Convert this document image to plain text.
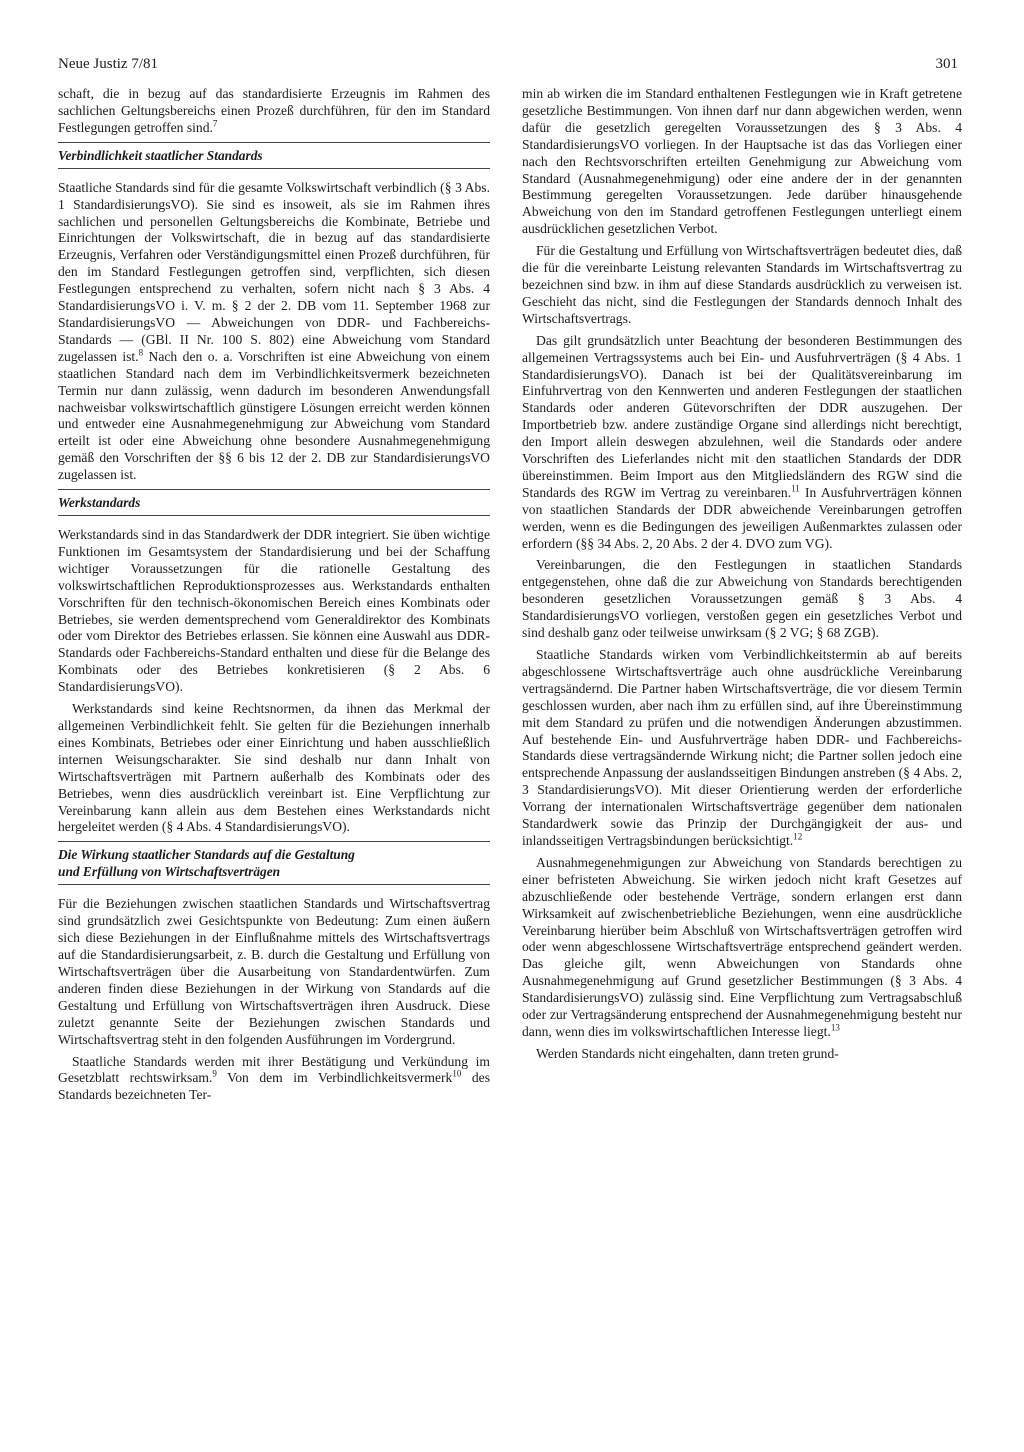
Neue Justiz 7/81	301

schaft, die in bezug auf das standardisierte Erzeugnis im Rahmen des sachlichen Geltungsbereichs einen Prozeß durchführen, für den im Standard Festlegungen getroffen sind.$^7$

Verbindlichkeit staatlicher Standards

Staatliche Standards sind für die gesamte Volkswirtschaft verbindlich (§ 3 Abs. 1 StandardisierungsVO). Sie sind es insoweit, als sie im Rahmen ihres sachlichen und personellen Geltungsbereichs die Kombinate, Betriebe und Einrichtungen der Volkswirtschaft, die in bezug auf das standardisierte Erzeugnis, Verfahren oder Verständigungsmittel einen Prozeß durchführen, für den im Standard Festlegungen getroffen sind, verpflichten, sich diesen Festlegungen entsprechend zu verhalten, sofern nicht nach § 3 Abs. 4 StandardisierungsVO i. V. m. § 2 der 2. DB vom 11. September 1968 zur StandardisierungsVO — Abweichungen von DDR- und Fachbereichs-Standards — (GBl. II Nr. 100 S. 802) eine Abweichung vom Standard zugelassen ist.$^8$ Nach den o. a. Vorschriften ist eine Abweichung von einem staatlichen Standard nach dem im Verbindlichkeitsvermerk bezeichneten Termin nur dann zulässig, wenn dadurch im besonderen Anwendungsfall nachweisbar volkswirtschaftlich günstigere Lösungen erreicht werden können und entweder eine Ausnahmegenehmigung zur Abweichung vom Standard erteilt ist oder eine Abweichung ohne besondere Ausnahmegenehmigung gemäß den Vorschriften der §§ 6 bis 12 der 2. DB zur StandardisierungsVO zugelassen ist.

Werkstandards

Werkstandards sind in das Standardwerk der DDR integriert. Sie üben wichtige Funktionen im Gesamtsystem der Standardisierung und bei der Schaffung wichtiger Voraussetzungen für die rationelle Gestaltung des volkswirtschaftlichen Reproduktionsprozesses aus. Werkstandards enthalten Vorschriften für den technisch-ökonomischen Bereich eines Kombinats oder Betriebes, sie werden dementsprechend vom Generaldirektor des Kombinats oder vom Direktor des Betriebes erlassen. Sie können eine Auswahl aus DDR-Standards oder Fachbereichs-Standard enthalten und diese für die Belange des Kombinats oder des Betriebes konkretisieren (§ 2 Abs. 6 StandardisierungsVO).

Werkstandards sind keine Rechtsnormen, da ihnen das Merkmal der allgemeinen Verbindlichkeit fehlt. Sie gelten für die Beziehungen innerhalb eines Kombinats, Betriebes oder einer Einrichtung und haben ausschließlich internen Weisungscharakter. Sie sind deshalb nur dann Inhalt von Wirtschaftsverträgen mit Partnern außerhalb des Kombinats oder des Betriebes, wenn dies ausdrücklich vereinbart ist. Eine Verpflichtung zur Vereinbarung kann allein aus dem Bestehen eines Werkstandards nicht hergeleitet werden (§ 4 Abs. 4 StandardisierungsVO).

Die Wirkung staatlicher Standards auf die Gestaltung
und Erfüllung von Wirtschaftsverträgen

Für die Beziehungen zwischen staatlichen Standards und Wirtschaftsvertrag sind grundsätzlich zwei Gesichtspunkte von Bedeutung: Zum einen äußern sich diese Beziehungen in der Einflußnahme mittels des Wirtschaftsvertrags auf die Standardisierungsarbeit, z. B. durch die Gestaltung und Erfüllung von Wirtschaftsverträgen über die Ausarbeitung von Standardentwürfen. Zum anderen finden diese Beziehungen in der Wirkung von Standards auf die Gestaltung und Erfüllung von Wirtschaftsverträgen ihren Ausdruck. Diese zuletzt genannte Seite der Beziehungen zwischen Standards und Wirtschaftsvertrag steht in den folgenden Ausführungen im Vordergrund.

Staatliche Standards werden mit ihrer Bestätigung und Verkündung im Gesetzblatt rechtswirksam.$^9$ Von dem im Verbindlichkeitsvermerk$^{10}$ des Standards bezeichneten Ter-

min ab wirken die im Standard enthaltenen Festlegungen wie in Kraft getretene gesetzliche Bestimmungen. Von ihnen darf nur dann abgewichen werden, wenn dafür die gesetzlich geregelten Voraussetzungen des § 3 Abs. 4 StandardisierungsVO vorliegen. In der Hauptsache ist das das Vorliegen einer nach den Rechtsvorschriften erteilten Genehmigung zur Abweichung vom Standard (Ausnahmegenehmigung) oder eine andere der in der genannten Bestimmung geregelten Voraussetzungen. Jede darüber hinausgehende Abweichung von den im Standard getroffenen Festlegungen unterliegt einem ausdrücklichen gesetzlichen Verbot.

Für die Gestaltung und Erfüllung von Wirtschaftsverträgen bedeutet dies, daß die für die vereinbarte Leistung relevanten Standards im Wirtschaftsvertrag zu bezeichnen sind bzw. in ihm auf diese Standards ausdrücklich zu verweisen ist. Geschieht das nicht, sind die Festlegungen der Standards dennoch Inhalt des Wirtschaftsvertrags.

Das gilt grundsätzlich unter Beachtung der besonderen Bestimmungen des allgemeinen Vertragssystems auch bei Ein- und Ausfuhrverträgen (§ 4 Abs. 1 StandardisierungsVO). Danach ist bei der Qualitätsvereinbarung im Einfuhrvertrag von den Kennwerten und anderen Festlegungen der staatlichen Standards oder anderen Gütevorschriften der DDR auszugehen. Der Importbetrieb bzw. andere zuständige Organe sind allerdings nicht berechtigt, den Import allein deswegen abzulehnen, weil die Standards oder andere Vorschriften des Lieferlandes nicht mit den staatlichen Standards der DDR übereinstimmen. Beim Import aus den Mitgliedsländern des RGW sind die Standards des RGW im Vertrag zu vereinbaren.$^{11}$ In Ausfuhrverträgen können von staatlichen Standards der DDR abweichende Vereinbarungen getroffen werden, wenn es die Bedingungen des jeweiligen Außenmarktes zulassen oder erfordern (§§ 34 Abs. 2, 20 Abs. 2 der 4. DVO zum VG).

Vereinbarungen, die den Festlegungen in staatlichen Standards entgegenstehen, ohne daß die zur Abweichung von Standards berechtigenden besonderen gesetzlichen Voraussetzungen gemäß § 3 Abs. 4 StandardisierungsVO vorliegen, verstoßen gegen ein gesetzliches Verbot und sind deshalb ganz oder teilweise unwirksam (§ 2 VG; § 68 ZGB).

Staatliche Standards wirken vom Verbindlichkeitstermin ab auf bereits abgeschlossene Wirtschaftsverträge auch ohne ausdrückliche Vereinbarung vertragsändernd. Die Partner haben Wirtschaftsverträge, die vor diesem Termin geschlossen wurden, aber nach ihm zu erfüllen sind, auf ihre Übereinstimmung mit dem Standard zu prüfen und die notwendigen Änderungen abzustimmen. Auf bestehende Ein- und Ausfuhrverträge haben DDR- und Fachbereichs-Standards diese vertragsändernde Wirkung nicht; die Partner sollen jedoch eine entsprechende Anpassung der auslandsseitigen Bindungen anstreben (§ 4 Abs. 2, 3 StandardisierungsVO). Mit dieser Orientierung werden der erforderliche Vorrang der internationalen Wirtschaftsverträge gegenüber dem nationalen Standardwerk sowie das Prinzip der Durchgängigkeit der aus- und inlandsseitigen Vertragsbindungen berücksichtigt.$^{12}$

Ausnahmegenehmigungen zur Abweichung von Standards berechtigen zu einer befristeten Abweichung. Sie wirken jedoch nicht kraft Gesetzes auf abzuschließende oder bestehende Verträge, sondern erlangen erst dann Wirksamkeit auf zwischenbetriebliche Beziehungen, wenn eine ausdrückliche Vereinbarung hierüber beim Abschluß von Wirtschaftsverträgen getroffen wird oder wenn abgeschlossene Wirtschaftsverträge entsprechend geändert werden. Das gleiche gilt, wenn Abweichungen von Standards ohne Ausnahmegenehmigung auf Grund gesetzlicher Bestimmungen (§ 3 Abs. 4 StandardisierungsVO) zulässig sind. Eine Verpflichtung zum Vertragsabschluß oder zur Vertragsänderung entsprechend der Ausnahmegenehmigung besteht nur dann, wenn dies im volkswirtschaftlichen Interesse liegt.$^{13}$

Werden Standards nicht eingehalten, dann treten grund-
